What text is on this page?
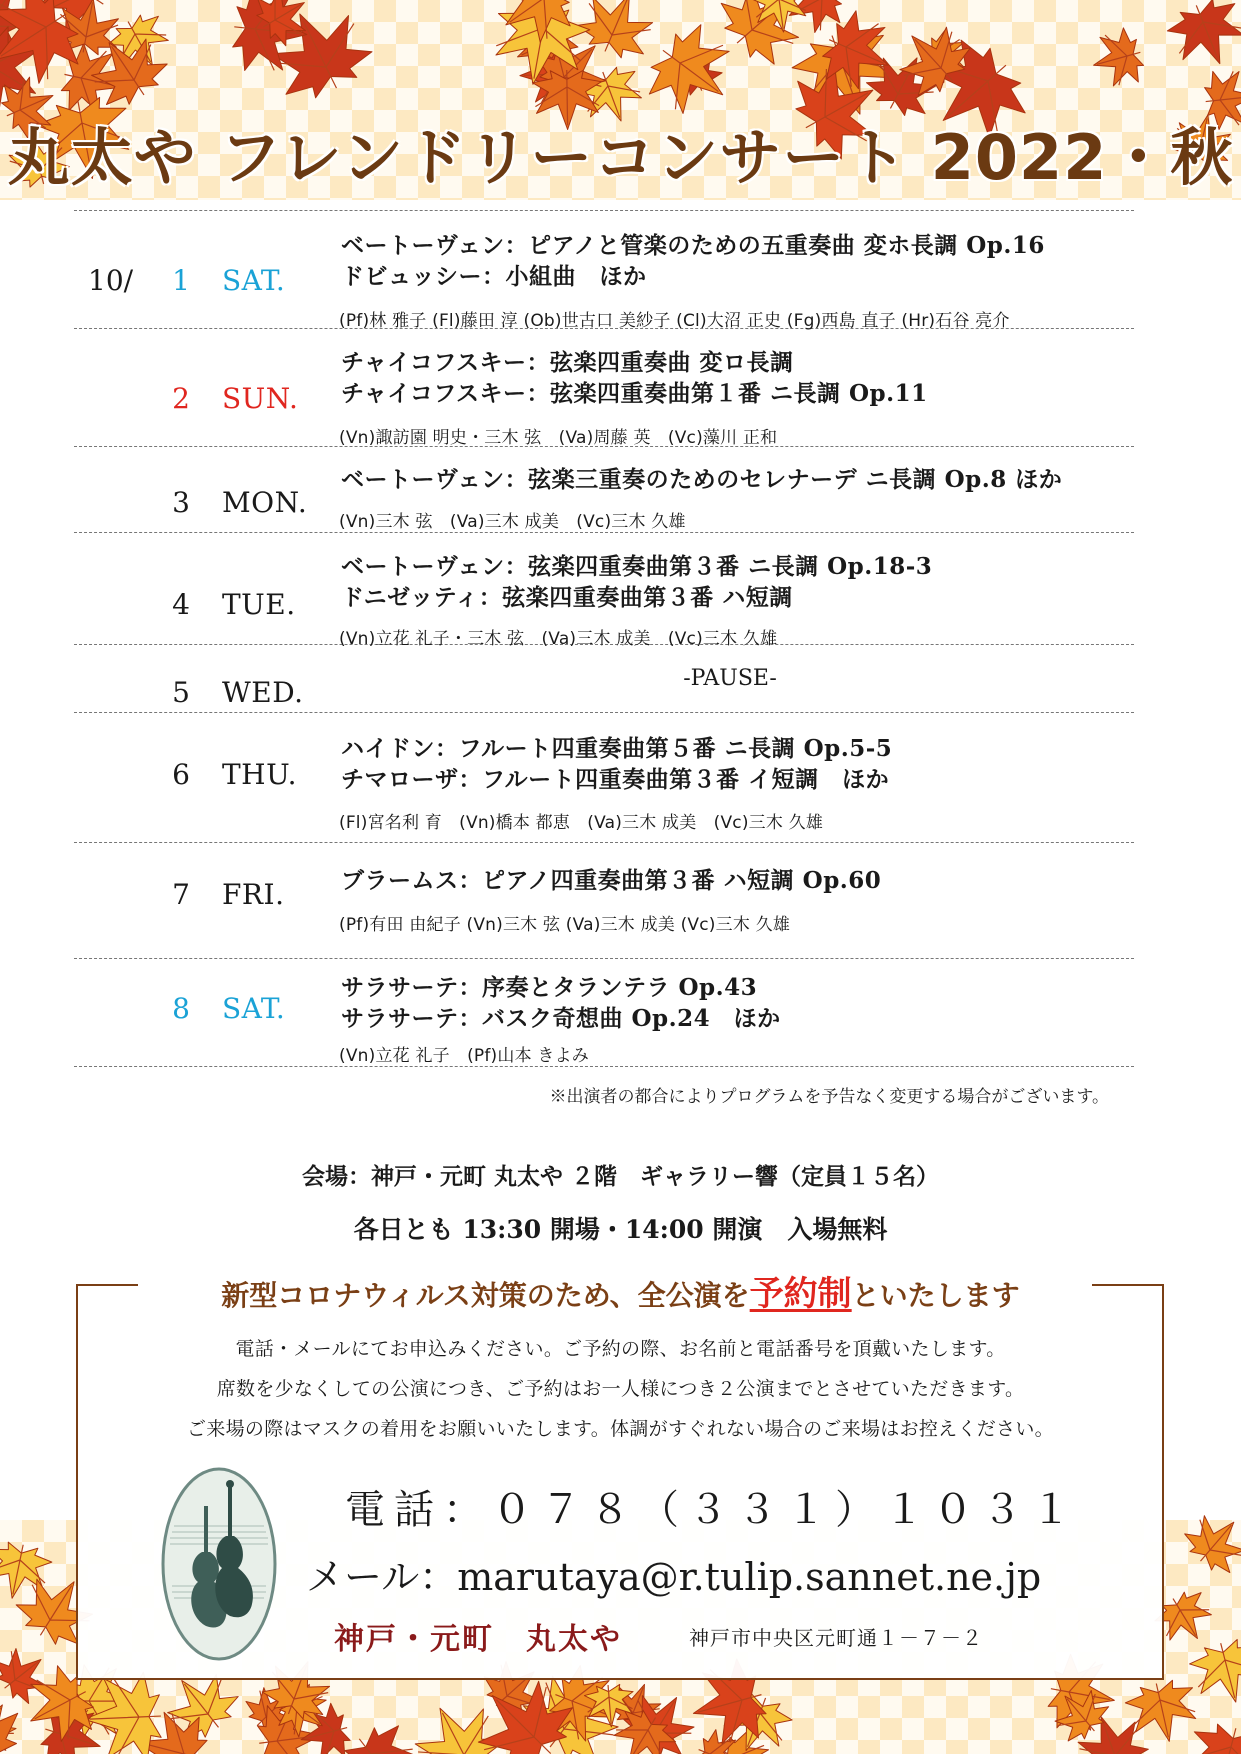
丸太や フレンドリーコンサート 2022・秋
10/ 1 SAT.
ベートーヴェン：ピアノと管楽のための五重奏曲 変ホ長調 Op.16
ドビュッシー：小組曲　ほか
(Pf)林 雅子 (Fl)藤田 淳 (Ob)世古口 美紗子 (Cl)大沼 正史 (Fg)西島 直子 (Hr)石谷 亮介
2 SUN.
チャイコフスキー：弦楽四重奏曲 変ロ長調
チャイコフスキー：弦楽四重奏曲第１番 ニ長調 Op.11
(Vn)諏訪園 明史・三木 弦　(Va)周藤 英　(Vc)藻川 正和
3 MON.
ベートーヴェン：弦楽三重奏のためのセレナーデ ニ長調 Op.8 ほか
(Vn)三木 弦　(Va)三木 成美　(Vc)三木 久雄
4 TUE.
ベートーヴェン：弦楽四重奏曲第３番 ニ長調 Op.18-3
ドニゼッティ：弦楽四重奏曲第３番 ハ短調
(Vn)立花 礼子・三木 弦　(Va)三木 成美　(Vc)三木 久雄
5 WED.	-PAUSE-
6 THU.
ハイドン：フルート四重奏曲第５番 ニ長調 Op.5-5
チマローザ：フルート四重奏曲第３番 イ短調　ほか
(Fl)宮名利 育　(Vn)橋本 都恵　(Va)三木 成美　(Vc)三木 久雄
7 FRI. ブラームス：ピアノ四重奏曲第３番 ハ短調 Op.60
(Pf)有田 由紀子 (Vn)三木 弦 (Va)三木 成美 (Vc)三木 久雄
8 SAT.
サラサーテ：序奏とタランテラ Op.43
サラサーテ：バスク奇想曲 Op.24　ほか
(Vn)立花 礼子　(Pf)山本 きよみ
※出演者の都合によりプログラムを予告なく変更する場合がございます。
会場：神戸・元町 丸太や ２階　ギャラリー響（定員１５名）
各日とも 13:30 開場・14:00 開演　入場無料
新型コロナウィルス対策のため、全公演を予約制といたします
電話・メールにてお申込みください。ご予約の際、お名前と電話番号を頂戴いたします。
席数を少なくしての公演につき、ご予約はお一人様につき２公演までとさせていただきます。
ご来場の際はマスクの着用をお願いいたします。体調がすぐれない場合のご来場はお控えください。
電話：０７８（３３１）１０３１
メール：marutaya@r.tulip.sannet.ne.jp
神戸・元町　丸太や	神戸市中央区元町通１－７－２
